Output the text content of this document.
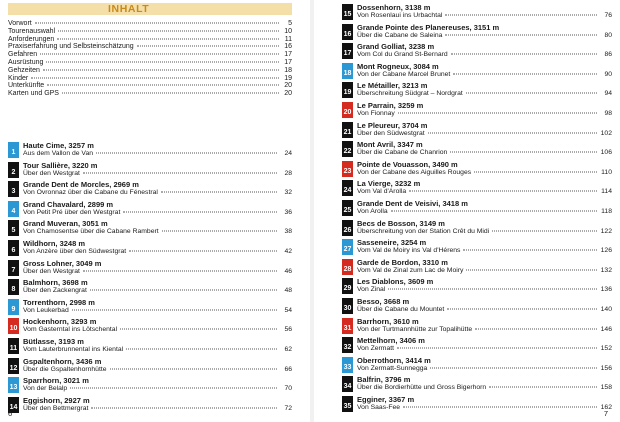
INHALT
Vorwort	5
Tourenauswahl	10
Anforderungen	11
Praxiserfahrung und Selbsteinschätzung	16
Gefahren	17
Ausrüstung	17
Gehzeiten	18
Kinder	19
Unterkünfte	20
Karten und GPS	20
1
Haute Cime, 3257 m
Aus dem Vallon de Van	24
2
Tour Sallière, 3220 m
Über den Westgrat	28
3
Grande Dent de Morcles, 2969 m
Von Ovronnaz über die Cabane du Fénestral	32
4
Grand Chavalard, 2899 m
Von Petit Pré über den Westgrat	36
5
Grand Muveran, 3051 m
Von Chamosentse über die Cabane Rambert	38
6
Wildhorn, 3248 m
Von Anzère über den Südwestgrat	42
7
Gross Lohner, 3049 m
Über den Westgrat	46
8
Balmhorn, 3698 m
Über den Zackengrat	48
9
Torrenthorn, 2998 m
Von Leukerbad	54
10
Hockenhorn, 3293 m
Vom Gasterntal ins Lötschental	56
11
Bütlasse, 3193 m
Vom Lauterbrunnental ins Kiental	62
12
Gspaltenhorn, 3436 m
Über die Gspaltenhornhütte	66
13
Sparrhorn, 3021 m
Von der Belalp	70
14
Eggishorn, 2927 m
Über den Bettmergrat	72
6
15
Dossenhorn, 3138 m
Von Rosenlaui ins Urbachtal	76
16
Grande Pointe des Planereuses, 3151 m
Über die Cabane de Saleina	80
17
Grand Golliat, 3238 m
Vom Col du Grand St-Bernard	86
18
Mont Rogneux, 3084 m
Von der Cabane Marcel Brunet	90
19
Le Métailler, 3213 m
Überschreitung Südgrat – Nordgrat	94
20
Le Parrain, 3259 m
Von Fionnay	98
21
Le Pleureur, 3704 m
Über den Südwestgrat	102
22
Mont Avril, 3347 m
Über die Cabane de Chanrion	106
23
Pointe de Vouasson, 3490 m
Von der Cabane des Aiguilles Rouges	110
24
La Vierge, 3232 m
Vom Val d'Arolla	114
25
Grande Dent de Veisivi, 3418 m
Von Arolla	118
26
Becs de Bosson, 3149 m
Überschreitung von der Station Crêt du Midi	122
27
Sasseneire, 3254 m
Vom Val de Moiry ins Val d'Hérens	126
28
Garde de Bordon, 3310 m
Vom Val de Zinal zum Lac de Moiry	132
29
Les Diablons, 3609 m
Von Zinal	136
30
Besso, 3668 m
Über die Cabane du Mountet	140
31
Barrhorn, 3610 m
Von der Turtmannhütte zur Topalihütte	146
32
Mettelhorn, 3406 m
Von Zermatt	152
33
Oberrothorn, 3414 m
Von Zermatt-Sunnegga	156
34
Balfrin, 3796 m
Über die Bordierhütte und Gross Bigerhorn	158
35
Egginer, 3367 m
Von Saas-Fee	162
7
